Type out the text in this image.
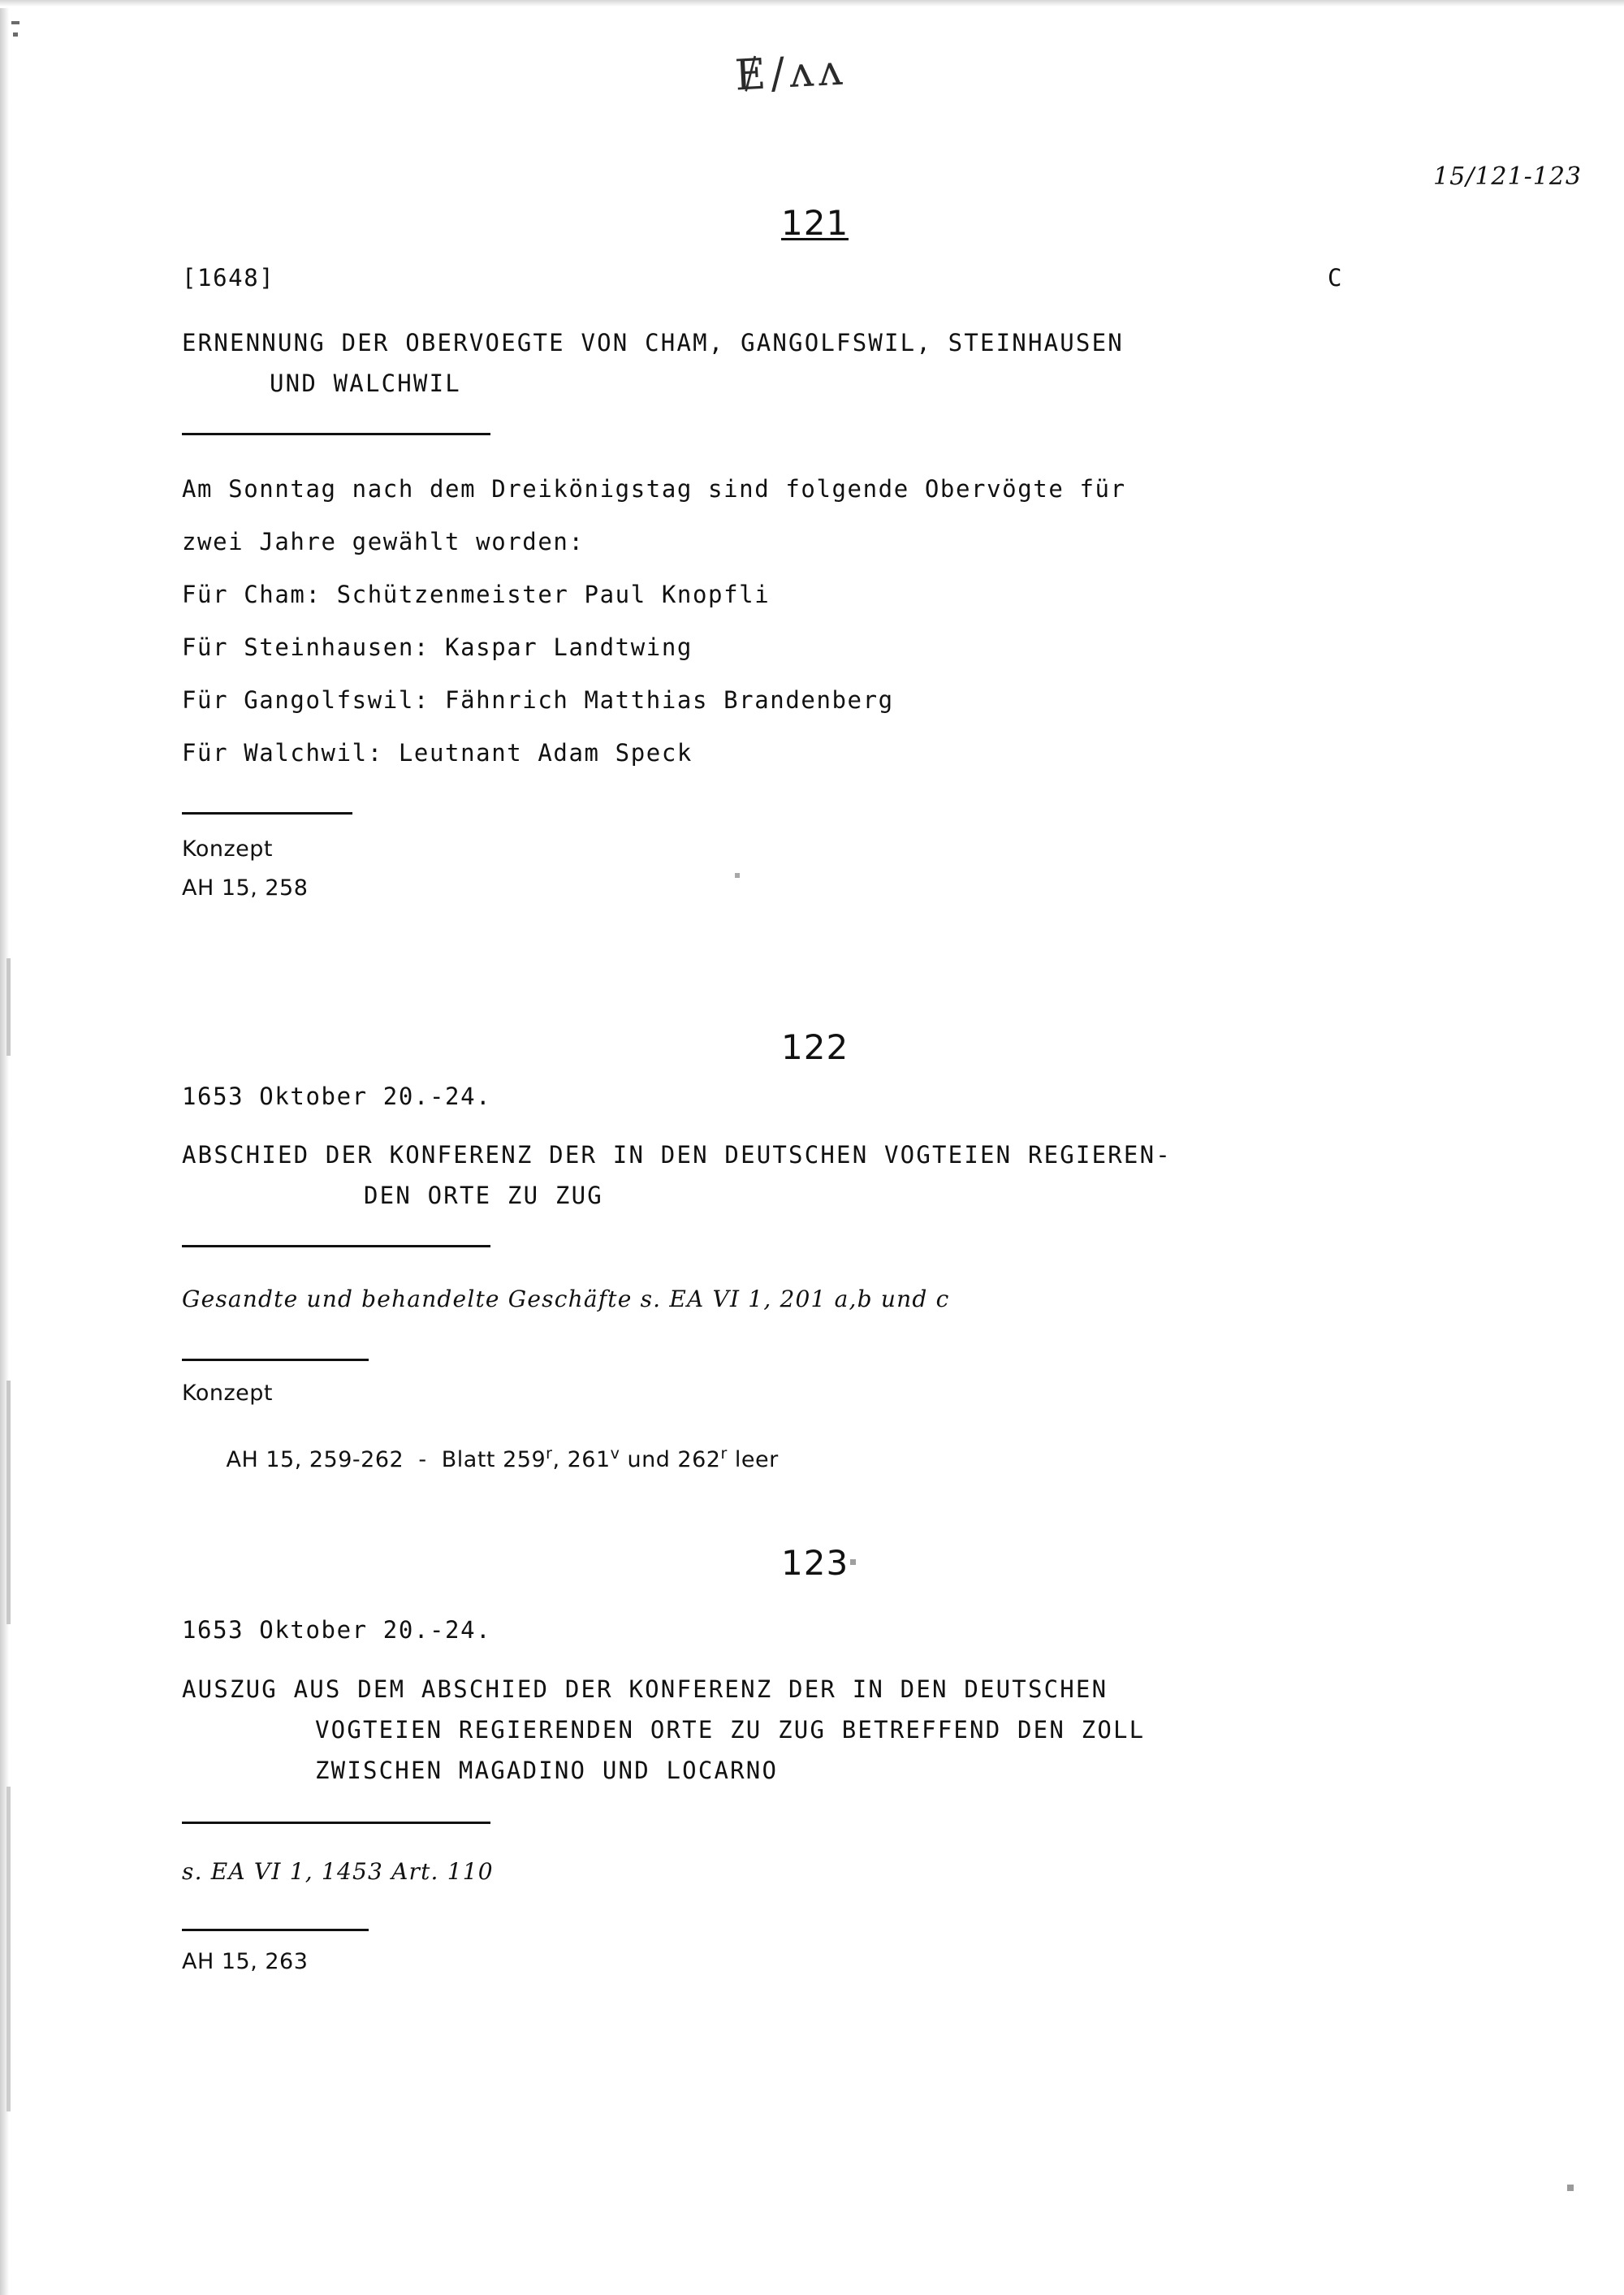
Ɇ/ʌʌ
15/121-123
121
[1648]	C
ERNENNUNG DER OBERVOEGTE VON CHAM, GANGOLFSWIL, STEINHAUSEN
UND WALCHWIL
Am Sonntag nach dem Dreikönigstag sind folgende Obervögte für
zwei Jahre gewählt worden:
Für Cham: Schützenmeister Paul Knopfli
Für Steinhausen: Kaspar Landtwing
Für Gangolfswil: Fähnrich Matthias Brandenberg
Für Walchwil: Leutnant Adam Speck
Konzept
AH 15, 258
122
1653 Oktober 20.-24.
ABSCHIED DER KONFERENZ DER IN DEN DEUTSCHEN VOGTEIEN REGIEREN-
DEN ORTE ZU ZUG
Gesandte und behandelte Geschäfte s. EA VI 1, 201 a,b und c
Konzept

AH 15, 259-262  -  Blatt 259$^r$, 261$^v$ und 262$^r$ leer

123
1653 Oktober 20.-24.
AUSZUG AUS DEM ABSCHIED DER KONFERENZ DER IN DEN DEUTSCHEN
VOGTEIEN REGIERENDEN ORTE ZU ZUG BETREFFEND DEN ZOLL
ZWISCHEN MAGADINO UND LOCARNO
s. EA VI 1, 1453 Art. 110
AH 15, 263
